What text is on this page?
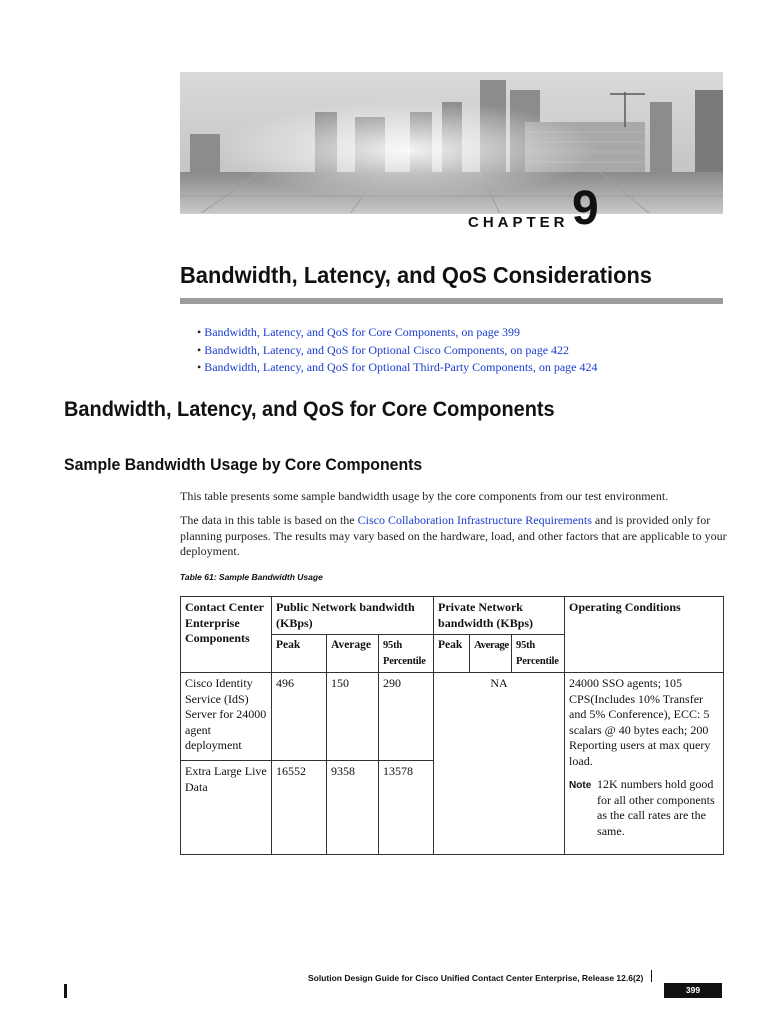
CHAPTER 9
Bandwidth, Latency, and QoS Considerations
• Bandwidth, Latency, and QoS for Core Components, on page 399
• Bandwidth, Latency, and QoS for Optional Cisco Components, on page 422
• Bandwidth, Latency, and QoS for Optional Third-Party Components, on page 424
Bandwidth, Latency, and QoS for Core Components
Sample Bandwidth Usage by Core Components
This table presents some sample bandwidth usage by the core components from our test environment.
The data in this table is based on the Cisco Collaboration Infrastructure Requirements and is provided only for planning purposes. The results may vary based on the hardware, load, and other factors that are applicable to your deployment.
Table 61: Sample Bandwidth Usage
Contact Center Enterprise Components	Public Network bandwidth (KBps)			Private Network bandwidth (KBps)			Operating Conditions
	Peak	Average	95th Percentile	Peak	Average	95th Percentile	
Cisco Identity Service (IdS) Server for 24000 agent deployment	496	150	290	NA			24000 SSO agents; 105 CPS(Includes 10% Transfer and 5% Conference), ECC: 5 scalars @ 40 bytes each; 200 Reporting users at max query load.
Note 12K numbers hold good for all other components as the call rates are the same.

Extra Large Live Data	16552	9358	13578				
Solution Design Guide for Cisco Unified Contact Center Enterprise, Release 12.6(2)
399
